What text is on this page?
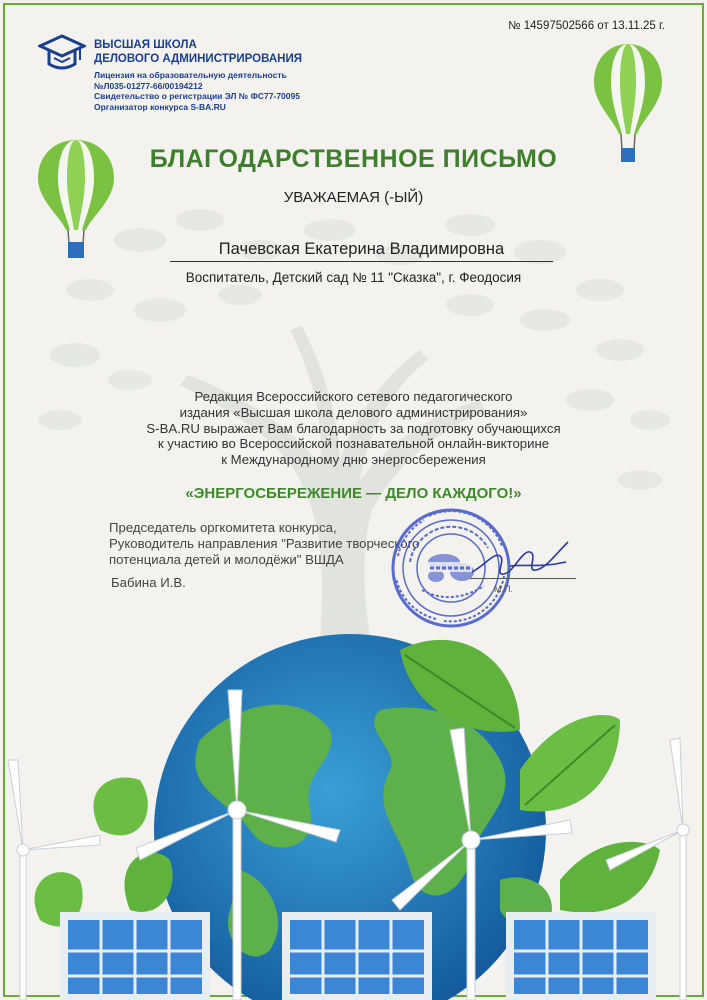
№ 14597502566 от 13.11.25 г.
ВЫСШАЯ ШКОЛА
ДЕЛОВОГО АДМИНИСТРИРОВАНИЯ
Лицензия на образовательную деятельность
№Л035-01277-66/00194212
Свидетельство о регистрации ЭЛ № ФС77-70095
Организатор конкурса S-BA.RU
БЛАГОДАРСТВЕННОЕ ПИСЬМО
УВАЖАЕМАЯ (-ЫЙ)
Пачевская Екатерина Владимировна
Воспитатель, Детский сад № 11 "Сказка", г. Феодосия
Редакция Всероссийского сетевого педагогического
издания «Высшая школа делового администрирования»
S-BA.RU выражает Вам благодарность за подготовку обучающихся
к участию во Всероссийской познавательной онлайн-викторине
к Международному дню энергосбережения
«ЭНЕРГОСБЕРЕЖЕНИЕ — ДЕЛО КАЖДОГО!»
Председатель оргкомитета конкурса,
Руководитель направления "Развитие творческого
потенциала детей и молодёжи" ВШДА
Бабина И.В.	М.П.
